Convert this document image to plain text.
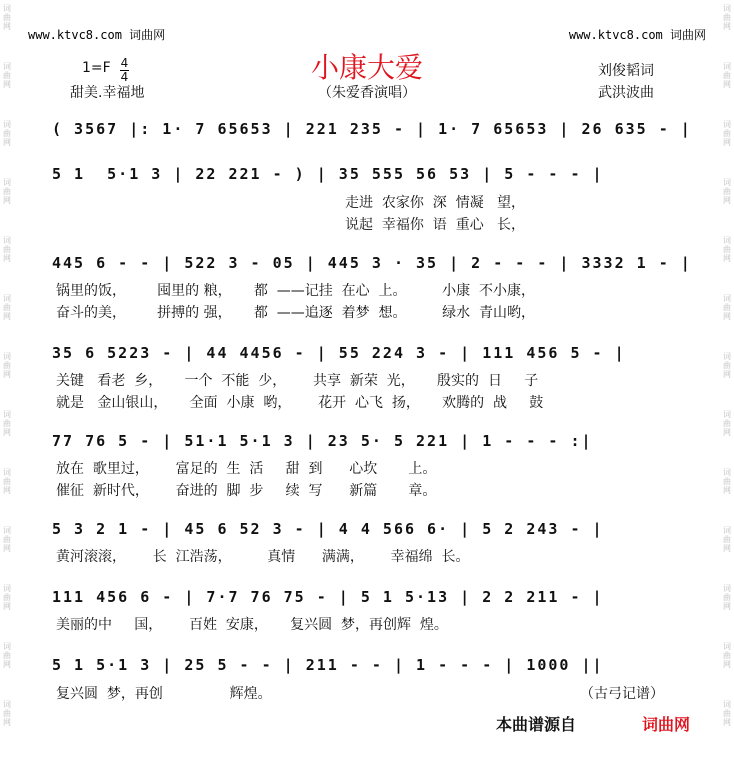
词
曲
网
词
曲
网
词
曲
网
词
曲
网
词
曲
网
词
曲
网
词
曲
网
词
曲
网
词
曲
网
词
曲
网
词
曲
网
词
曲
网
词
曲
网
词
曲
网
词
曲
网
词
曲
网
词
曲
网
词
曲
网
词
曲
网
词
曲
网
词
曲
网
词
曲
网
词
曲
网
词
曲
网
词
曲
网
词
曲
网
www.ktvc8.com 词曲网	www.ktvc8.com 词曲网
小康大爱
1=F 4
4
甜美.幸福地	（朱爱香演唱）
刘俊韬词
武洪波曲
( 3567 |: 1· 7 65653 | 221 235 - | 1· 7 65653 | 26 635 - |
5 1  5·1 3 | 22 221 - ) | 35 555 56 53 | 5 - - - |
走进  农家你  深  情凝   望，
说起  幸福你  语  重心   长，
445 6 - - | 522 3 - 05 | 445 3 · 35 | 2 - - - | 3332 1 - |
锅里的饭，       囤里的 粮，     都  ——记挂  在心  上。        小康  不小康，
奋斗的美，       拼搏的 强，     都  ——追逐  着梦  想。        绿水  青山哟，
35 6 5223 - | 44 4456 - | 55 224 3 - | 111 456 5 - |
关键   看老  乡，     一个  不能  少，      共享  新荣  光，     殷实的  日     子
就是   金山银山，     全面  小康  哟，      花开  心飞  扬，     欢腾的  战     鼓
77 76 5 - | 51·1 5·1 3 | 23 5· 5 221 | 1 - - - :|
放在  歌里过，      富足的  生  活     甜  到      心坎       上。
催征  新时代，      奋进的  脚  步     续  写      新篇       章。
5 3 2 1 - | 45 6 52 3 - | 4 4 566 6· | 5 2 243 - |
黄河滚滚，      长  江浩荡，        真情      满满，      幸福绵  长。
111 456 6 - | 7·7 76 75 - | 5 1 5·13 | 2 2 211 - |
美丽的中     国，      百姓  安康，     复兴圆  梦，再创辉  煌。
5 1 5·1 3 | 25 5 - - | 211 - - | 1 - - - | 1000 ||
复兴圆  梦，再创               辉煌。	（古弓记谱）
本曲谱源自	词曲网
